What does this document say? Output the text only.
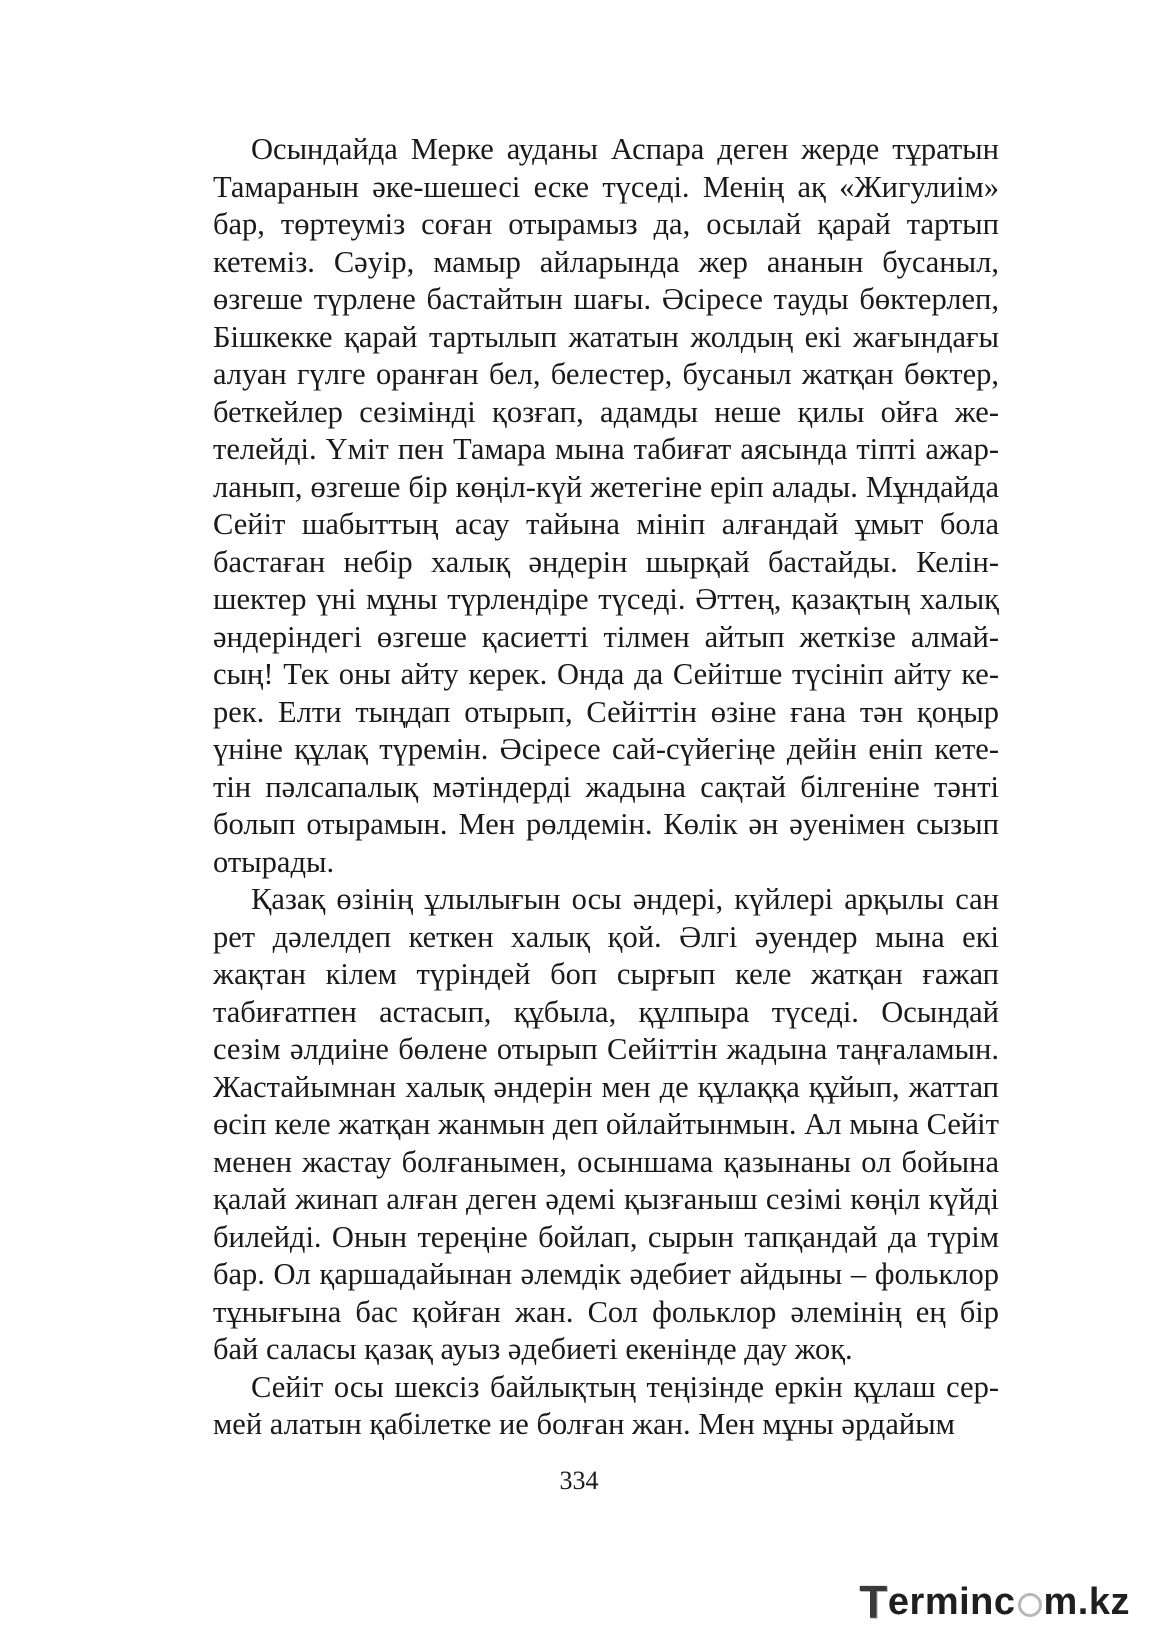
Осындайда Мерке ауданы Аспара деген жерде тұратын Тамаранын әке-шешесі еске түседі. Менің ақ «Жигулиім» бар, төртеуміз соған отырамыз да, осылай қарай тартып кетеміз. Сәуір, мамыр айларында жер ананын бусаныл, өзгеше түрлене бастайтын шағы. Әсіресе тауды бөктерлеп, Бішкекке қарай тартылып жататын жолдың екі жағындағы алуан гүлге оранған бел, белестер, бусаныл жатқан бөктер, беткейлер сезімінді қозғап, адамды неше қилы ойға жетелейді. Үміт пен Тамара мына табиғат аясында тіпті ажарланып, өзгеше бір көңіл-күй жетегіне еріп алады. Мұндайда Сейіт шабыттың асау тайына мініп алғандай ұмыт бола бастаған небір халық әндерін шырқай бастайды. Келіншектер үні мұны түрлендіре түседі. Әттең, қазақтың халық әндеріндегі өзгеше қасиетті тілмен айтып жеткізе алмайсың! Тек оны айту керек. Онда да Сейітше түсініп айту керек. Елти тыңдап отырып, Сейіттін өзіне ғана тән қоңыр үніне құлақ түремін. Әсіресе сай-сүйегіңе дейін еніп кететін пәлсапалық мәтіндерді жадына сақтай білгеніне тәнті болып отырамын. Мен рөлдемін. Көлік ән әуенімен сызып отырады.

Қазақ өзінің ұлылығын осы әндері, күйлері арқылы сан рет дәлелдеп кеткен халық қой. Әлгі әуендер мына екі жақтан кілем түріндей боп сырғып келе жатқан ғажап табиғатпен астасып, құбыла, құлпыра түседі. Осындай сезім әлдиіне бөлене отырып Сейіттін жадына таңғаламын. Жастайымнан халық әндерін мен де құлаққа құйып, жаттап өсіп келе жатқан жанмын деп ойлайтынмын. Ал мына Сейіт менен жастау болғанымен, осыншама қазынаны ол бойына қалай жинап алған деген әдемі қызғаныш сезімі көңіл күйді билейді. Онын тереңіне бойлап, сырын тапқандай да түрім бар. Ол қаршадайынан әлемдік әдебиет айдыны – фольклор тұнығына бас қойған жан. Сол фольклор әлемінің ең бір бай саласы қазақ ауыз әдебиеті екенінде дау жоқ.

Сейіт осы шексіз байлықтың теңізінде еркін құлаш сермей алатын қабілетке ие болған жан. Мен мұны әрдайым

334
T erminc m.kz
